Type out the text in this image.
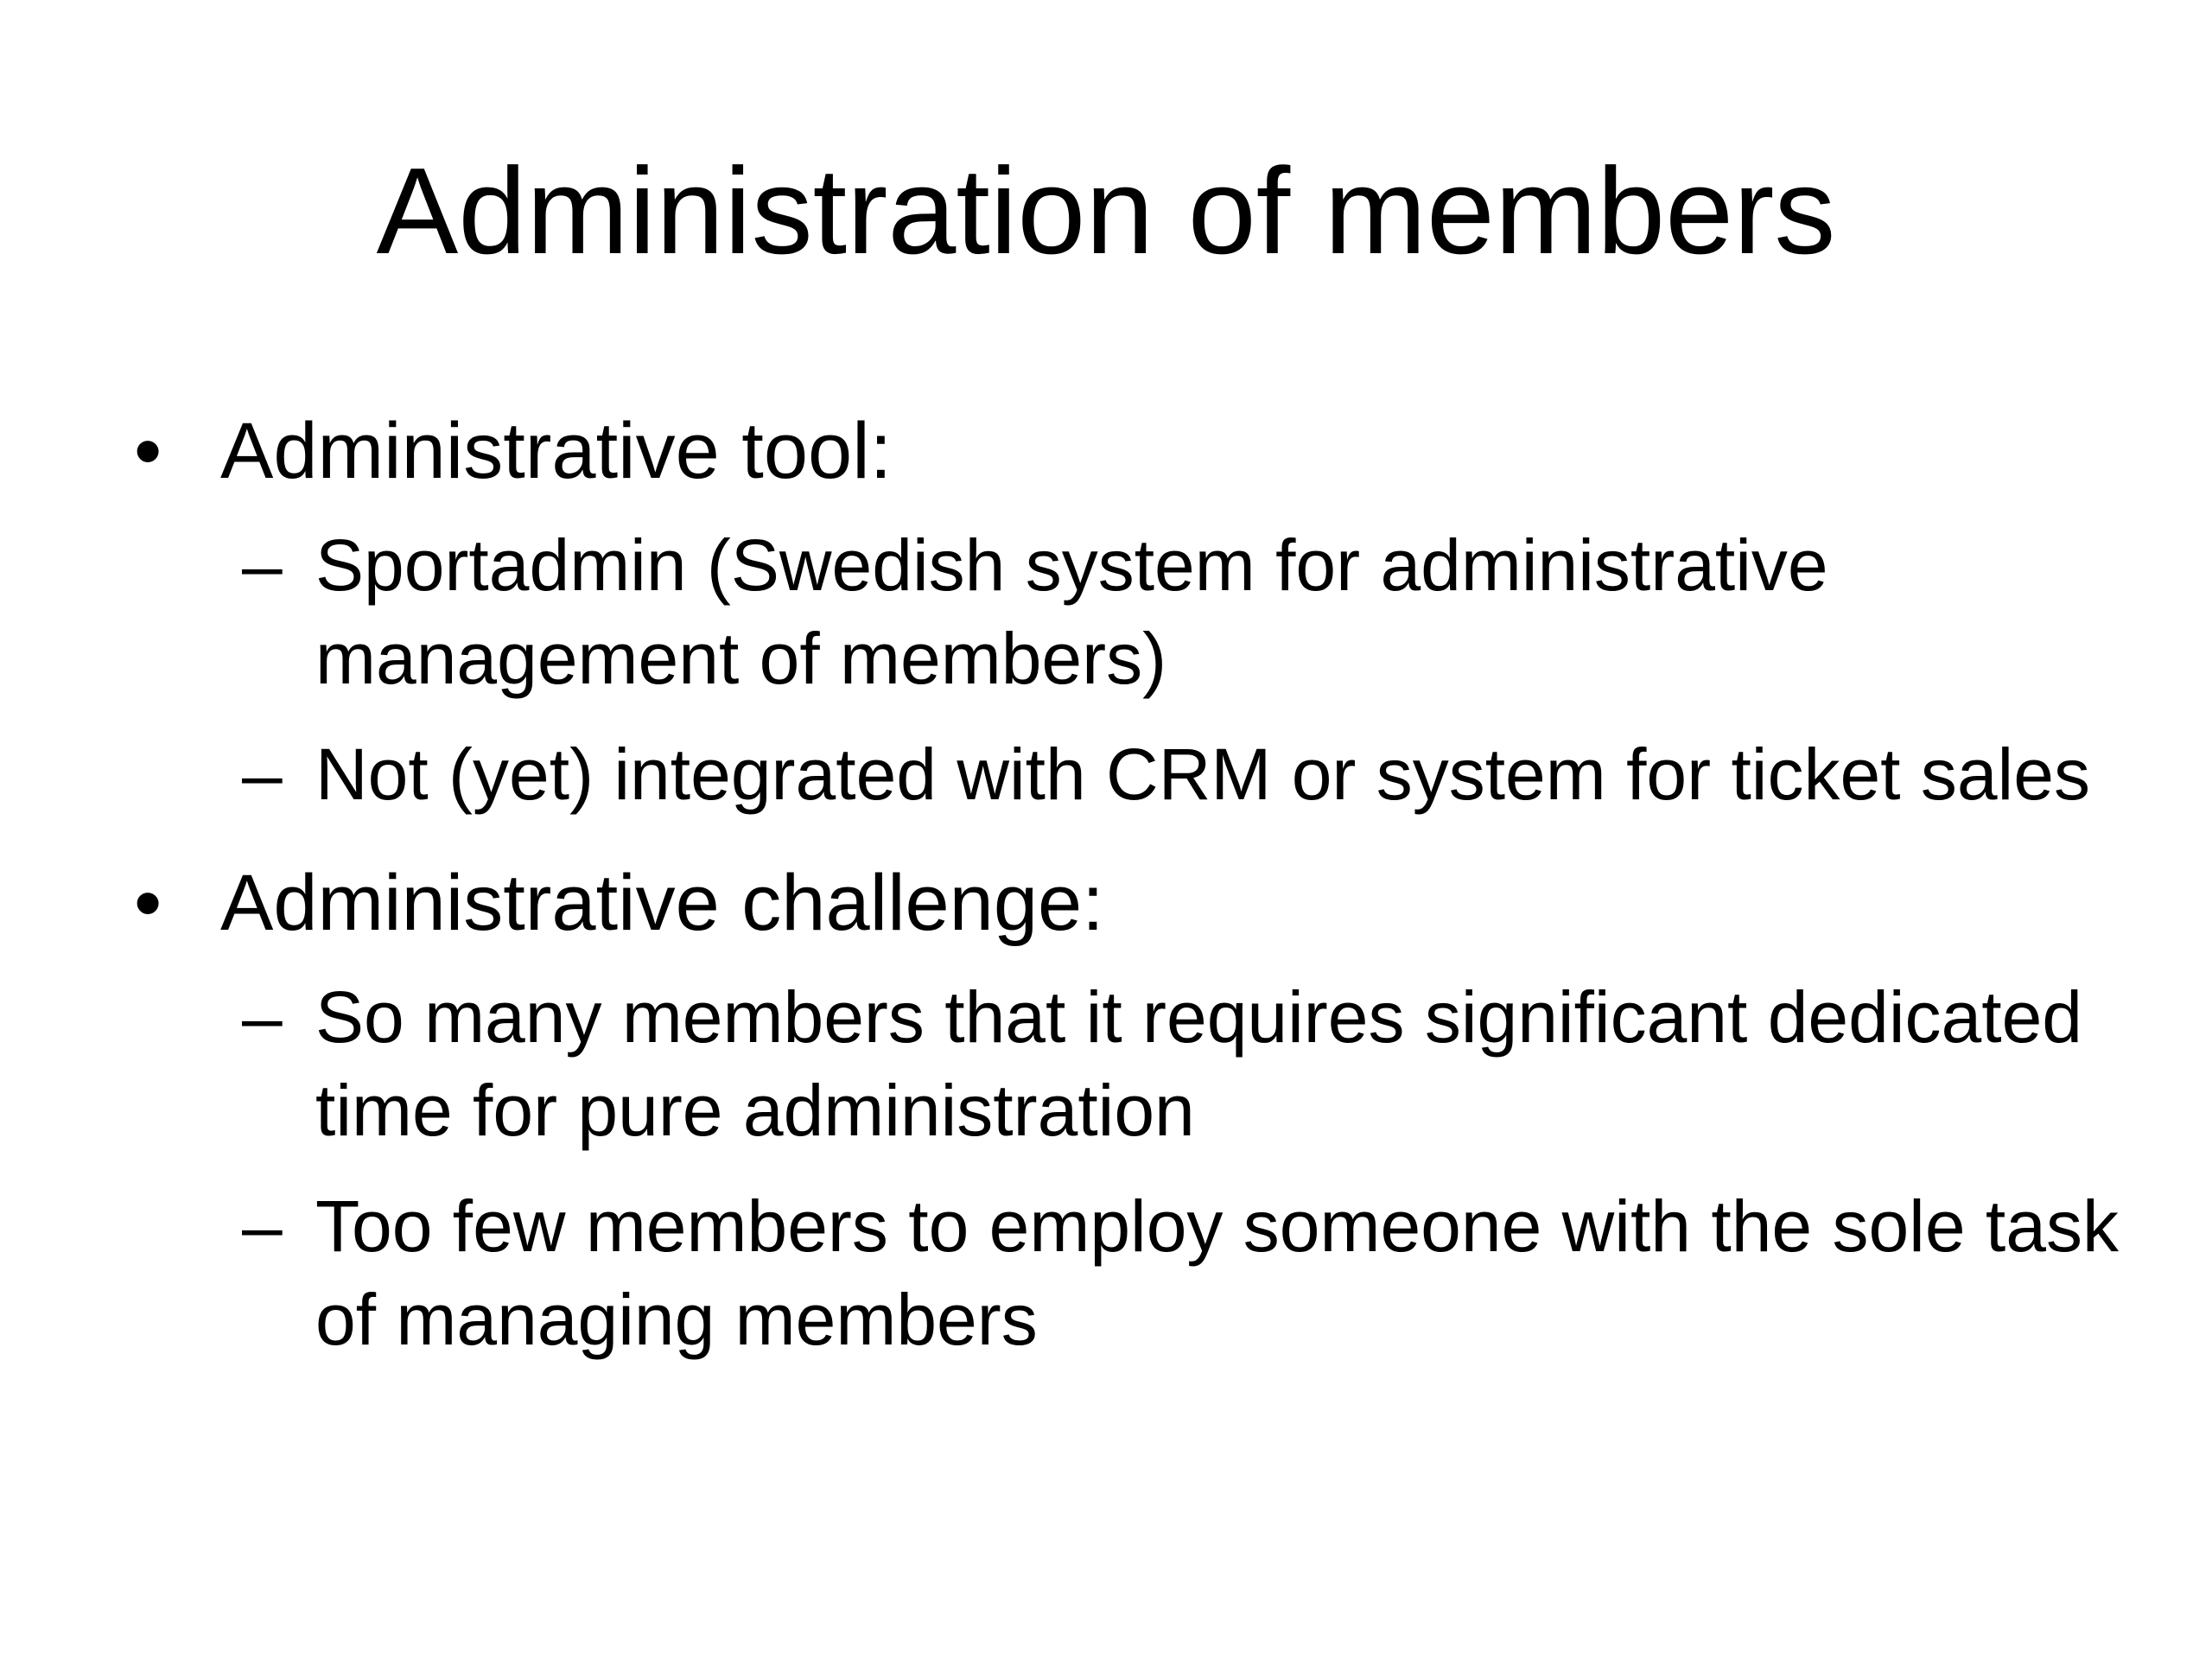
Administration of members
• Administrative tool:
– Sportadmin (Swedish system for administrative management of members)
– Not (yet) integrated with CRM or system for ticket sales
• Administrative challenge:
– So many members that it requires significant dedicated time for pure administration
– Too few members to employ someone with the sole task of managing members
